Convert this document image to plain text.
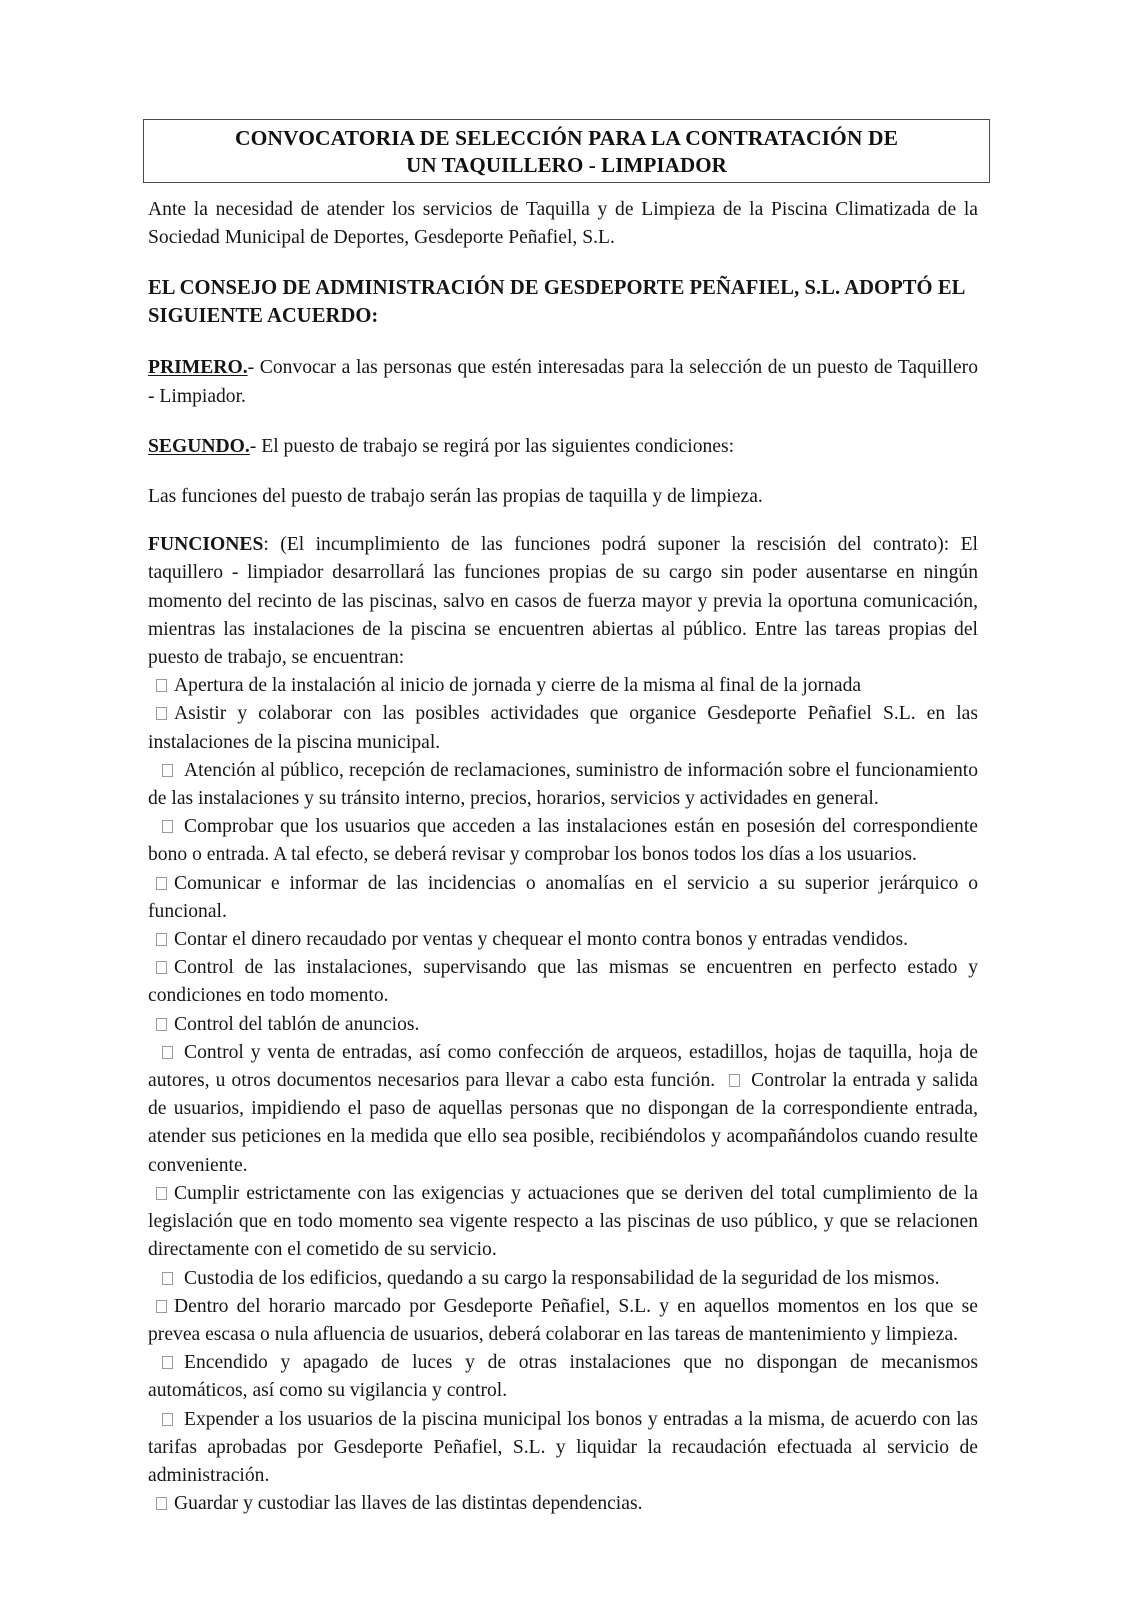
CONVOCATORIA DE SELECCIÓN PARA LA CONTRATACIÓN DE
UN TAQUILLERO - LIMPIADOR

Ante la necesidad de atender los servicios de Taquilla y de Limpieza de la Piscina Climatizada de la Sociedad Municipal de Deportes, Gesdeporte Peñafiel, S.L.

EL CONSEJO DE ADMINISTRACIÓN DE GESDEPORTE PEÑAFIEL, S.L. ADOPTÓ EL SIGUIENTE ACUERDO:

PRIMERO.- Convocar a las personas que estén interesadas para la selección de un puesto de Taquillero - Limpiador.

SEGUNDO.- El puesto de trabajo se regirá por las siguientes condiciones:

Las funciones del puesto de trabajo serán las propias de taquilla y de limpieza.

FUNCIONES: (El incumplimiento de las funciones podrá suponer la rescisión del contrato): El taquillero - limpiador desarrollará las funciones propias de su cargo sin poder ausentarse en ningún momento del recinto de las piscinas, salvo en casos de fuerza mayor y previa la oportuna comunicación, mientras las instalaciones de la piscina se encuentren abiertas al público. Entre las tareas propias del puesto de trabajo, se encuentran:

Apertura de la instalación al inicio de jornada y cierre de la misma al final de la jornada
Asistir y colaborar con las posibles actividades que organice Gesdeporte Peñafiel S.L. en las instalaciones de la piscina municipal.
Atención al público, recepción de reclamaciones, suministro de información sobre el funcionamiento de las instalaciones y su tránsito interno, precios, horarios, servicios y actividades en general.
Comprobar que los usuarios que acceden a las instalaciones están en posesión del correspondiente bono o entrada. A tal efecto, se deberá revisar y comprobar los bonos todos los días a los usuarios.
Comunicar e informar de las incidencias o anomalías en el servicio a su superior jerárquico o funcional.
Contar el dinero recaudado por ventas y chequear el monto contra bonos y entradas vendidos.
Control de las instalaciones, supervisando que las mismas se encuentren en perfecto estado y condiciones en todo momento.
Control del tablón de anuncios.
Control y venta de entradas, así como confección de arqueos, estadillos, hojas de taquilla, hoja de autores, u otros documentos necesarios para llevar a cabo esta función. Controlar la entrada y salida de usuarios, impidiendo el paso de aquellas personas que no dispongan de la correspondiente entrada, atender sus peticiones en la medida que ello sea posible, recibiéndolos y acompañándolos cuando resulte conveniente.
Cumplir estrictamente con las exigencias y actuaciones que se deriven del total cumplimiento de la legislación que en todo momento sea vigente respecto a las piscinas de uso público, y que se relacionen directamente con el cometido de su servicio.
Custodia de los edificios, quedando a su cargo la responsabilidad de la seguridad de los mismos.
Dentro del horario marcado por Gesdeporte Peñafiel, S.L. y en aquellos momentos en los que se prevea escasa o nula afluencia de usuarios, deberá colaborar en las tareas de mantenimiento y limpieza.
Encendido y apagado de luces y de otras instalaciones que no dispongan de mecanismos automáticos, así como su vigilancia y control.
Expender a los usuarios de la piscina municipal los bonos y entradas a la misma, de acuerdo con las tarifas aprobadas por Gesdeporte Peñafiel, S.L. y liquidar la recaudación efectuada al servicio de administración.
Guardar y custodiar las llaves de las distintas dependencias.
